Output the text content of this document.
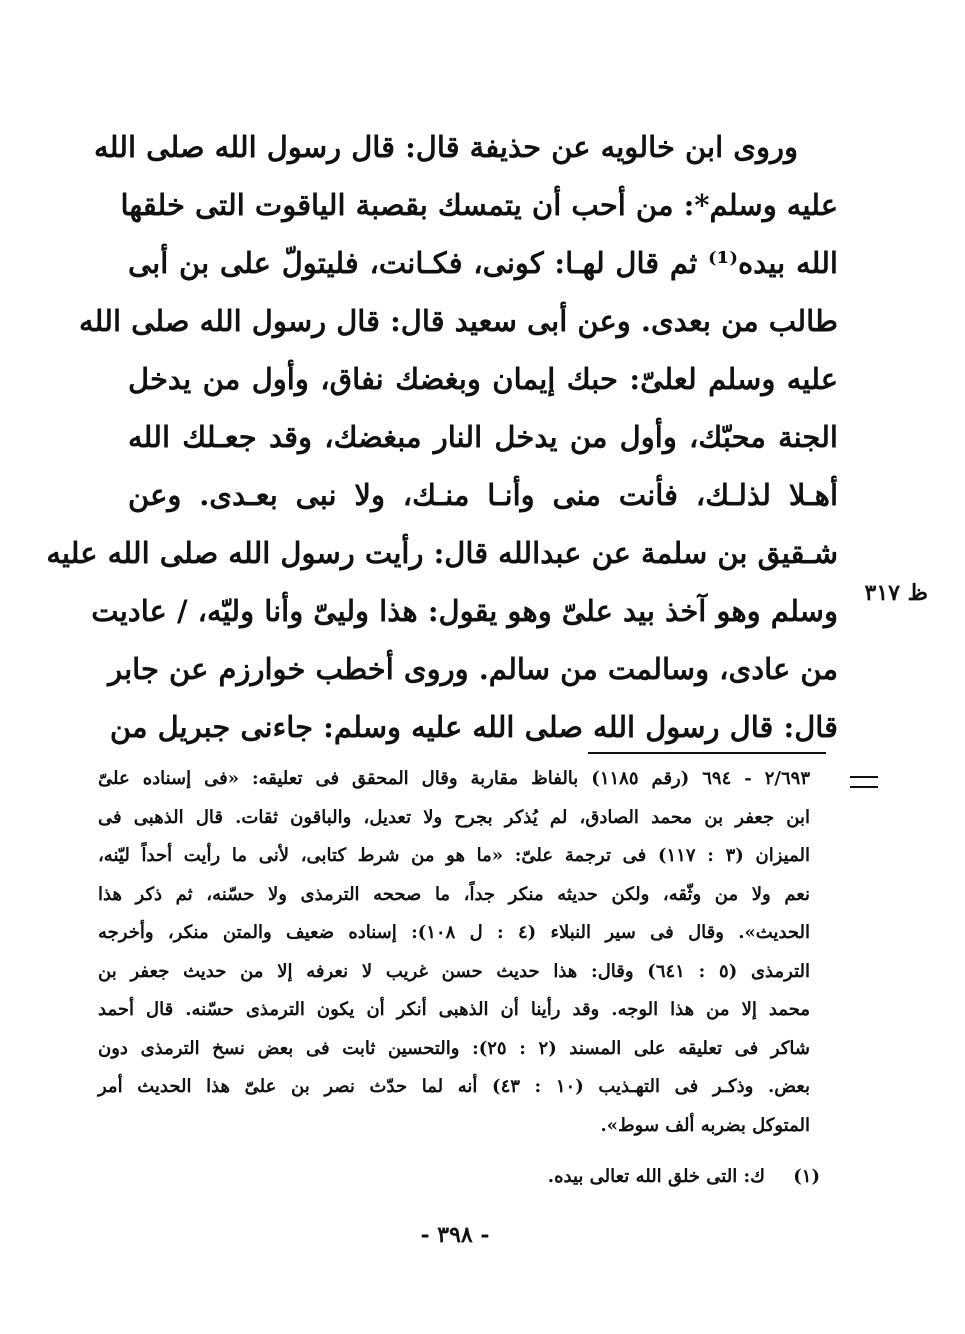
وروى ابن خالويه عن حذيفة قال: قال رسول الله صلى الله
عليه وسلم*: من أحب أن يتمسك بقصبة الياقوت التى خلقها
الله بيده⁽¹⁾ ثم قال لهـا: كونى، فكـانت، فليتولّ على بن أبى
طالب من بعدى. وعن أبى سعيد قال: قال رسول الله صلى الله
عليه وسلم لعلىّ: حبك إيمان وبغضك نفاق، وأول من يدخل
الجنة محبّك، وأول من يدخل النار مبغضك، وقد جعـلك الله
أهـلا لذلـك، فأنت منى وأنـا منـك، ولا نبى بعـدى. وعن
شـقيق بن سلمة عن عبدالله قال: رأيت رسول الله صلى الله عليه
وسلم وهو آخذ بيد علىّ وهو يقول: هذا وليىّ وأنا وليّه، / عاديت
من عادى، وسالمت من سالم. وروى أخطب خوارزم عن جابر
قال: قال رسول الله صلى الله عليه وسلم: جاءنى جبريل من
ظ ٣١٧
٢/٦٩٣ - ٦٩٤ (رقم ١١٨٥) بالفاظ مقاربة وقال المحقق فى تعليقه: «فى إسناده علىّ
ابن جعفر بن محمد الصادق، لم يُذكر بجرح ولا تعديل، والباقون ثقات. قال الذهبى فى
الميزان (٣ : ١١٧) فى ترجمة علىّ: «ما هو من شرط كتابى، لأنى ما رأيت أحداً ليّنه،
نعم ولا من وثّقه، ولكن حديثه منكر جداً، ما صححه الترمذى ولا حسّنه، ثم ذكر هذا
الحديث». وقال فى سير النبلاء (٤ : ل ١٠٨): إسناده ضعيف والمتن منكر، وأخرجه
الترمذى (٥ : ٦٤١) وقال: هذا حديث حسن غريب لا نعرفه إلا من حديث جعفر بن
محمد إلا من هذا الوجه. وقد رأينا أن الذهبى أنكر أن يكون الترمذى حسّنه. قال أحمد
شاكر فى تعليقه على المسند (٢ : ٢٥): والتحسين ثابت فى بعض نسخ الترمذى دون
بعض. وذكـر فى التهـذيب (١٠ : ٤٣) أنه لما حدّث نصر بن علىّ هذا الحديث أمر
المتوكل بضربه ألف سوط».
(١) ك: التى خلق الله تعالى بيده.
- ٣٩٨ -
